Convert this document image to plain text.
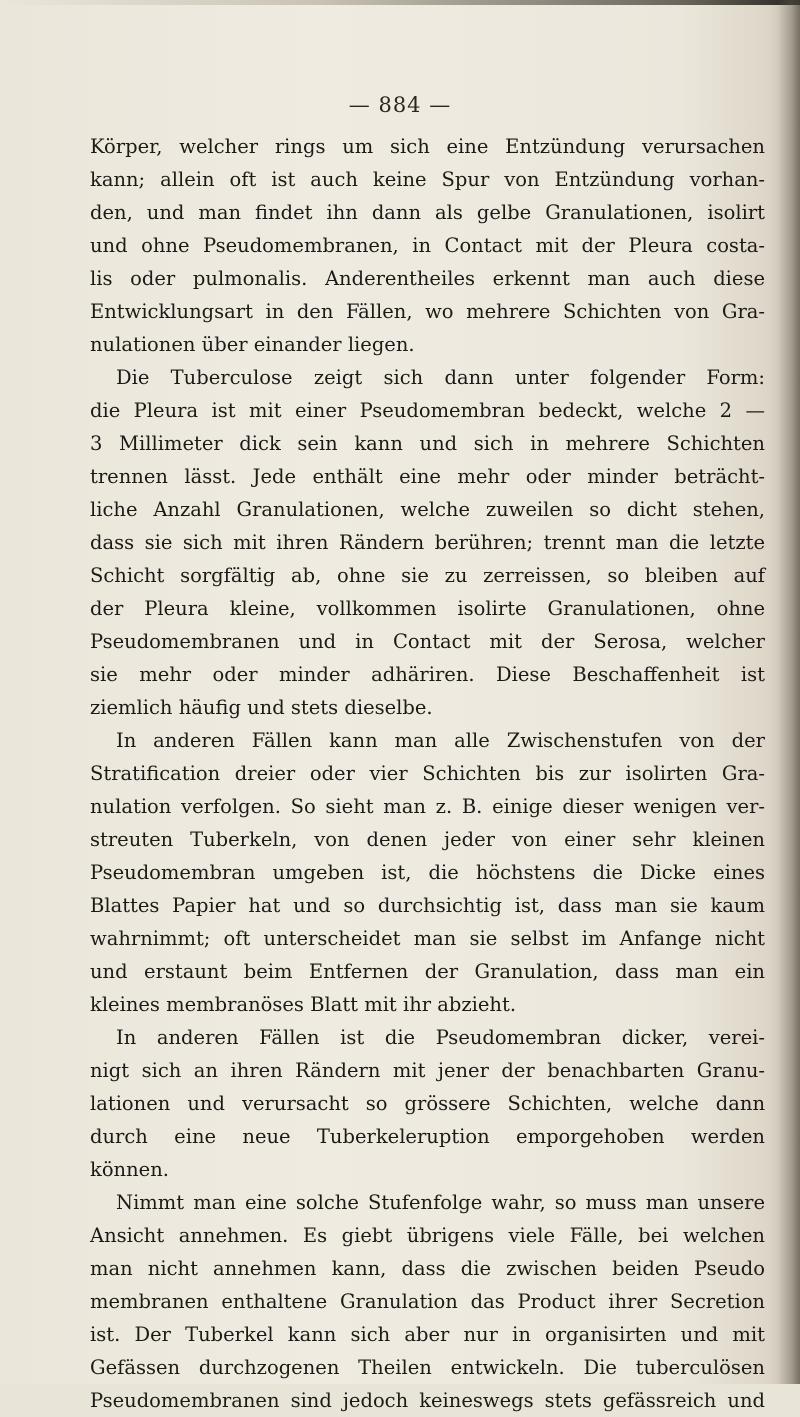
— 884 —
Körper, welcher rings um sich eine Entzündung verursachen
kann; allein oft ist auch keine Spur von Entzündung vorhan-
den, und man findet ihn dann als gelbe Granulationen, isolirt
und ohne Pseudomembranen, in Contact mit der Pleura costa-
lis oder pulmonalis. Anderentheiles erkennt man auch diese
Entwicklungsart in den Fällen, wo mehrere Schichten von Gra-
nulationen über einander liegen.
Die Tuberculose zeigt sich dann unter folgender Form:
die Pleura ist mit einer Pseudomembran bedeckt, welche 2 —
3 Millimeter dick sein kann und sich in mehrere Schichten
trennen lässt. Jede enthält eine mehr oder minder beträcht-
liche Anzahl Granulationen, welche zuweilen so dicht stehen,
dass sie sich mit ihren Rändern berühren; trennt man die letzte
Schicht sorgfältig ab, ohne sie zu zerreissen, so bleiben auf
der Pleura kleine, vollkommen isolirte Granulationen, ohne
Pseudomembranen und in Contact mit der Serosa, welcher
sie mehr oder minder adhäriren. Diese Beschaffenheit ist
ziemlich häufig und stets dieselbe.
In anderen Fällen kann man alle Zwischenstufen von der
Stratification dreier oder vier Schichten bis zur isolirten Gra-
nulation verfolgen. So sieht man z. B. einige dieser wenigen ver-
streuten Tuberkeln, von denen jeder von einer sehr kleinen
Pseudomembran umgeben ist, die höchstens die Dicke eines
Blattes Papier hat und so durchsichtig ist, dass man sie kaum
wahrnimmt; oft unterscheidet man sie selbst im Anfange nicht
und erstaunt beim Entfernen der Granulation, dass man ein
kleines membranöses Blatt mit ihr abzieht.
In anderen Fällen ist die Pseudomembran dicker, verei-
nigt sich an ihren Rändern mit jener der benachbarten Granu-
lationen und verursacht so grössere Schichten, welche dann
durch eine neue Tuberkeleruption emporgehoben werden
können.
Nimmt man eine solche Stufenfolge wahr, so muss man unsere
Ansicht annehmen. Es giebt übrigens viele Fälle, bei welchen
man nicht annehmen kann, dass die zwischen beiden Pseudo
membranen enthaltene Granulation das Product ihrer Secretion
ist. Der Tuberkel kann sich aber nur in organisirten und mit
Gefässen durchzogenen Theilen entwickeln. Die tuberculösen
Pseudomembranen sind jedoch keineswegs stets gefässreich und
